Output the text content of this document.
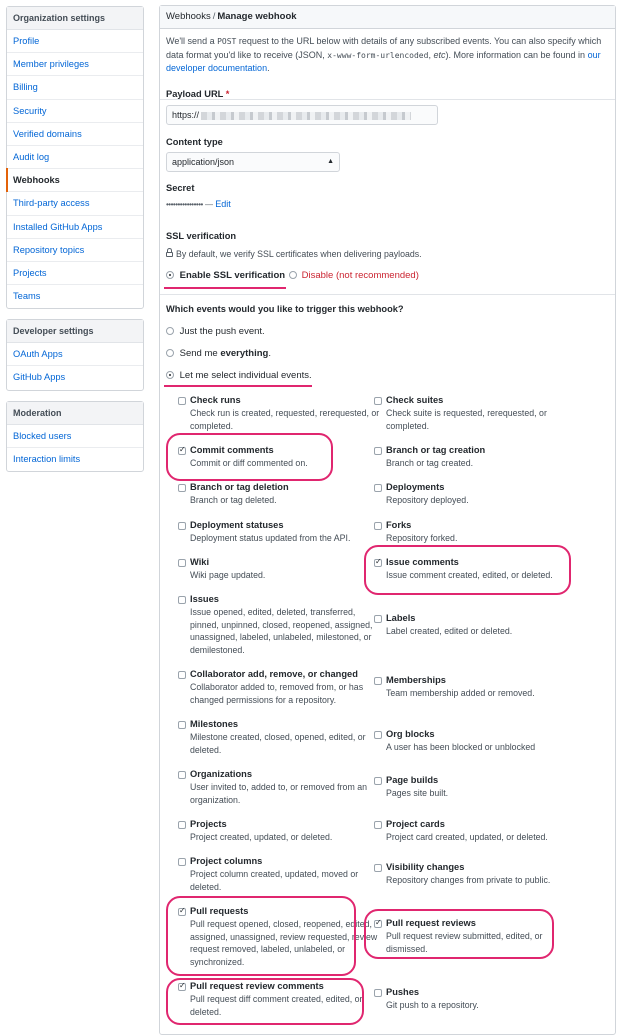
Organization settings
Profile
Member privileges
Billing
Security
Verified domains
Audit log
Webhooks
Third-party access
Installed GitHub Apps
Repository topics
Projects
Teams
Developer settings
OAuth Apps
GitHub Apps
Moderation
Blocked users
Interaction limits
Webhooks / Manage webhook
We'll send a POST request to the URL below with details of any subscribed events. You can also specify which data format you'd like to receive (JSON, x-www-form-urlencoded, etc). More information can be found in our developer documentation.
Payload URL *
https://
Content type
application/json	▲

Secret
•••••••••••••••• — Edit
SSL verification
By default, we verify SSL certificates when delivering payloads.
Enable SSL verification	Disable (not recommended)
Which events would you like to trigger this webhook?
Just the push event.
Send me everything.
Let me select individual events.
Check runs
Check run is created, requested, rerequested, or completed.
✓
Commit comments
Commit or diff commented on.
Branch or tag deletion
Branch or tag deleted.
Deployment statuses
Deployment status updated from the API.
Wiki
Wiki page updated.
Issues
Issue opened, edited, deleted, transferred, pinned, unpinned, closed, reopened, assigned, unassigned, labeled, unlabeled, milestoned, or demilestoned.
Collaborator add, remove, or changed
Collaborator added to, removed from, or has changed permissions for a repository.
Milestones
Milestone created, closed, opened, edited, or deleted.
Organizations
User invited to, added to, or removed from an organization.
Projects
Project created, updated, or deleted.
Project columns
Project column created, updated, moved or deleted.
✓
Pull requests
Pull request opened, closed, reopened, edited, assigned, unassigned, review requested, review request removed, labeled, unlabeled, or synchronized.
✓
Pull request review comments
Pull request diff comment created, edited, or deleted.
Check suites
Check suite is requested, rerequested, or completed.
Branch or tag creation
Branch or tag created.
Deployments
Repository deployed.
Forks
Repository forked.
✓
Issue comments
Issue comment created, edited, or deleted.
Labels
Label created, edited or deleted.
Memberships
Team membership added or removed.
Org blocks
A user has been blocked or unblocked
Page builds
Pages site built.
Project cards
Project card created, updated, or deleted.
Visibility changes
Repository changes from private to public.
✓
Pull request reviews
Pull request review submitted, edited, or dismissed.
Pushes
Git push to a repository.
